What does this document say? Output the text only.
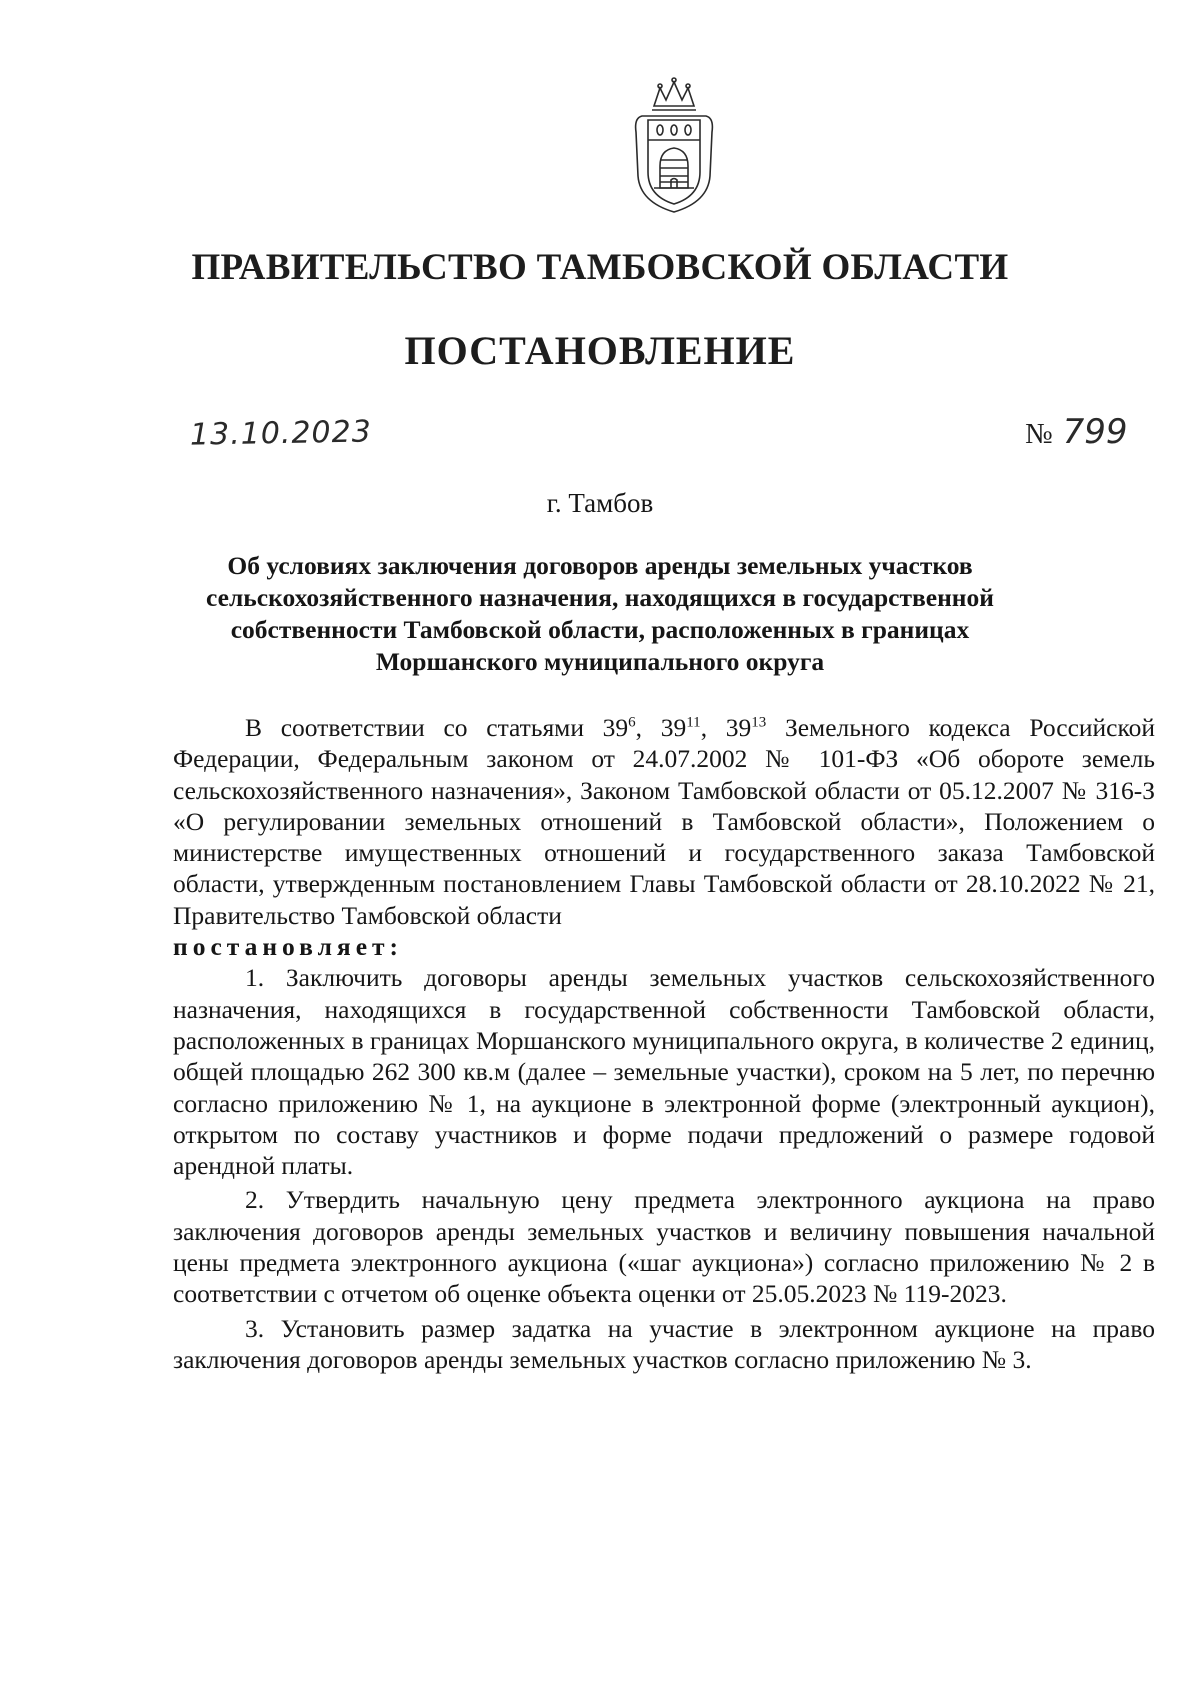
ПРАВИТЕЛЬСТВО ТАМБОВСКОЙ ОБЛАСТИ
ПОСТАНОВЛЕНИЕ
13.10.2023	№ 799
г. Тамбов
Об условиях заключения договоров аренды земельных участков
сельскохозяйственного назначения, находящихся в государственной
собственности Тамбовской области, расположенных в границах
Моршанского муниципального округа

В соответствии со статьями $39^6$, $39^{11}$, $39^{13}$ Земельного кодекса Российской Федерации, Федеральным законом от 24.07.2002 № 101-ФЗ «Об обороте земель сельскохозяйственного назначения», Законом Тамбовской области от 05.12.2007 № 316-З «О регулировании земельных отношений в Тамбовской области», Положением о министерстве имущественных отношений и государственного заказа Тамбовской области, утвержденным постановлением Главы Тамбовской области от 28.10.2022 № 21, Правительство Тамбовской области

постановляет:

1. Заключить договоры аренды земельных участков сельскохозяйственного назначения, находящихся в государственной собственности Тамбовской области, расположенных в границах Моршанского муниципального округа, в количестве 2 единиц, общей площадью 262 300 кв.м (далее – земельные участки), сроком на 5 лет, по перечню согласно приложению № 1, на аукционе в электронной форме (электронный аукцион), открытом по составу участников и форме подачи предложений о размере годовой арендной платы.

2. Утвердить начальную цену предмета электронного аукциона на право заключения договоров аренды земельных участков и величину повышения начальной цены предмета электронного аукциона («шаг аукциона») согласно приложению № 2 в соответствии с отчетом об оценке объекта оценки от 25.05.2023 № 119-2023.

3. Установить размер задатка на участие в электронном аукционе на право заключения договоров аренды земельных участков согласно приложению № 3.
